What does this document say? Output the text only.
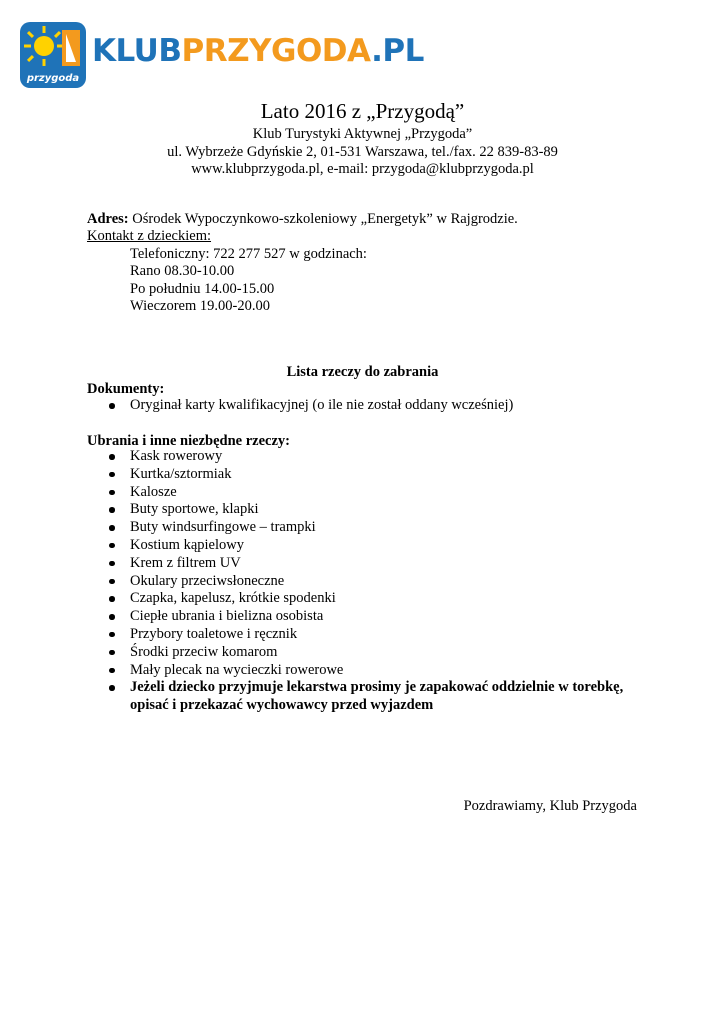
przygoda
KLUBPRZYGODA.PL
Lato 2016 z „Przygodą”
Klub Turystyki Aktywnej „Przygoda”
ul. Wybrzeże Gdyńskie 2, 01-531 Warszawa, tel./fax. 22 839-83-89
www.klubprzygoda.pl, e-mail: przygoda@klubprzygoda.pl
Adres: Ośrodek Wypoczynkowo-szkoleniowy „Energetyk” w Rajgrodzie.
Kontakt z dzieckiem:
Telefoniczny: 722 277 527 w godzinach:
Rano 08.30-10.00
Po południu 14.00-15.00
Wieczorem 19.00-20.00
Lista rzeczy do zabrania
Dokumenty:
Oryginał karty kwalifikacyjnej (o ile nie został oddany wcześniej)
Ubrania i inne niezbędne rzeczy:
Kask rowerowy
Kurtka/sztormiak
Kalosze
Buty sportowe, klapki
Buty windsurfingowe – trampki
Kostium kąpielowy
Krem z filtrem UV
Okulary przeciwsłoneczne
Czapka, kapelusz, krótkie spodenki
Ciepłe ubrania i bielizna osobista
Przybory toaletowe i ręcznik
Środki przeciw komarom
Mały plecak na wycieczki rowerowe
Jeżeli dziecko przyjmuje lekarstwa prosimy je zapakować oddzielnie w torebkę, opisać i przekazać wychowawcy przed wyjazdem
Pozdrawiamy, Klub Przygoda
